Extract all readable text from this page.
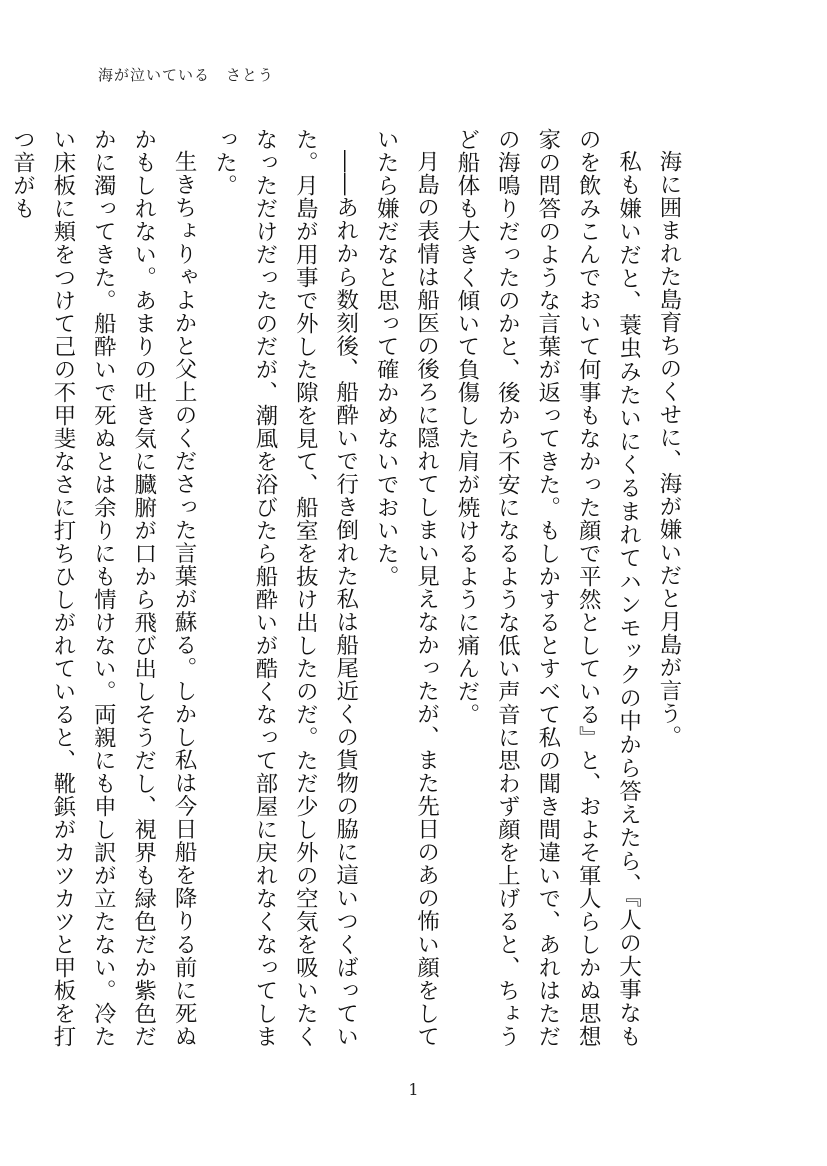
海が泣いている　さとう

海に囲まれた島育ちのくせに、海が嫌いだと月島が言う。

私も嫌いだと、蓑虫みたいにくるまれてハンモックの中から答えたら、『人の大事なものを飲みこんでおいて何事もなかった顔で平然としている』と、およそ軍人らしかぬ思想家の問答のような言葉が返ってきた。もしかするとすべて私の聞き間違いで、あれはただの海鳴りだったのかと、後から不安になるような低い声音に思わず顔を上げると、ちょうど船体も大きく傾いて負傷した肩が焼けるように痛んだ。

月島の表情は船医の後ろに隠れてしまい見えなかったが、また先日のあの怖い顔をしていたら嫌だなと思って確かめないでおいた。

――あれから数刻後、船酔いで行き倒れた私は船尾近くの貨物の脇に這いつくばっていた。月島が用事で外した隙を見て、船室を抜け出したのだ。ただ少し外の空気を吸いたくなっただけだったのだが、潮風を浴びたら船酔いが酷くなって部屋に戻れなくなってしまった。

生きちょりゃよかと父上のくださった言葉が蘇る。しかし私は今日船を降りる前に死ぬかもしれない。あまりの吐き気に臓腑が口から飛び出しそうだし、視界も緑色だか紫色だかに濁ってきた。船酔いで死ぬとは余りにも情けない。両親にも申し訳が立たない。冷たい床板に頬をつけて己の不甲斐なさに打ちひしがれていると、靴鋲がカツカツと甲板を打つ音がも

1
